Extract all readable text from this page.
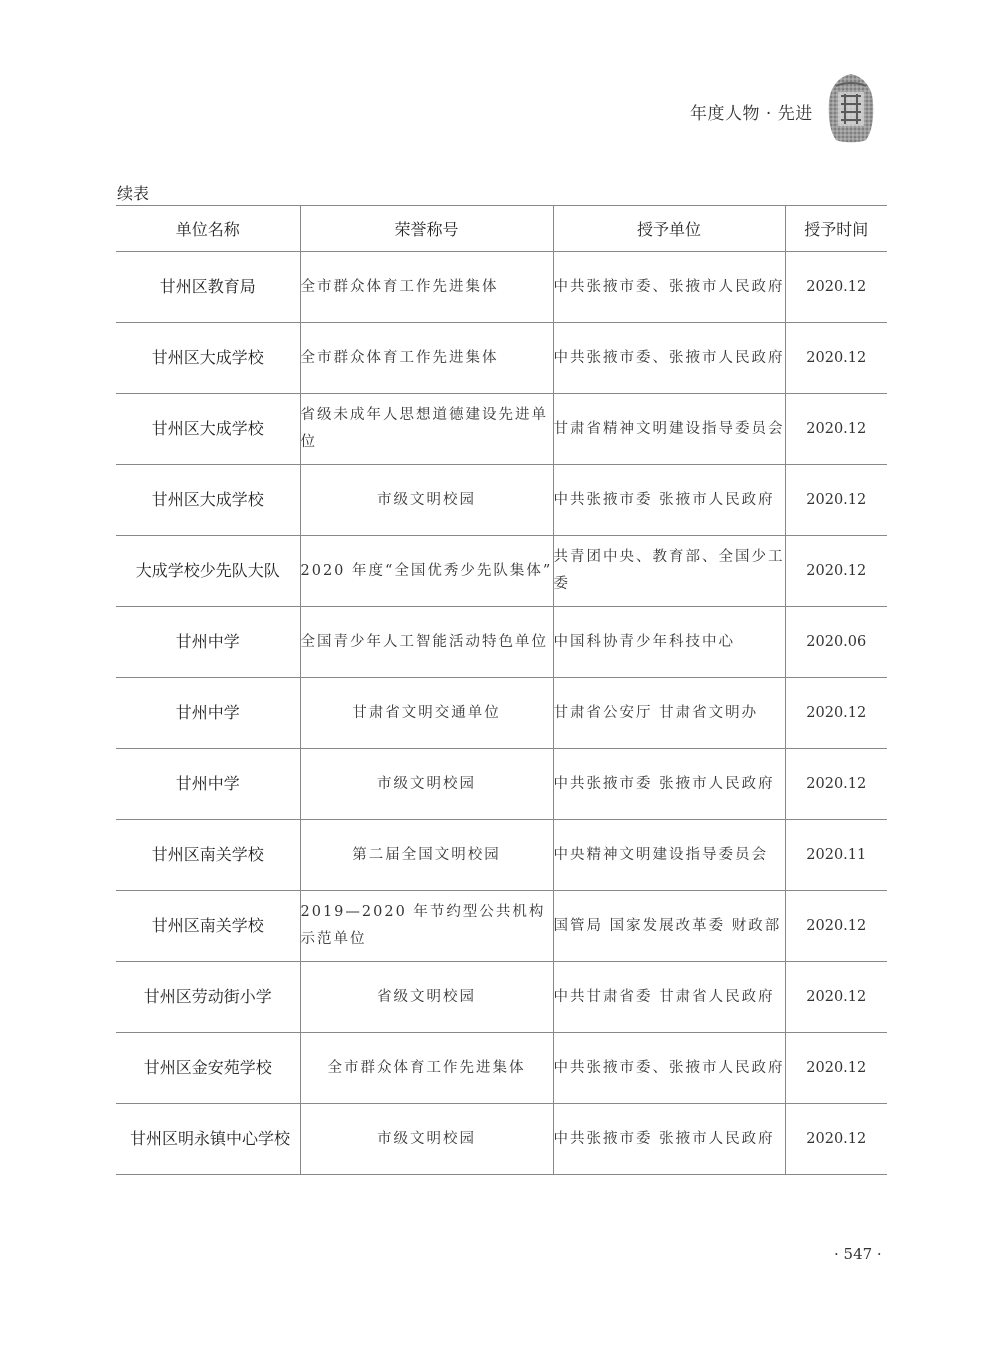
年度人物 · 先进
续表
单位名称	荣誉称号	授予单位	授予时间
甘州区教育局	全市群众体育工作先进集体	中共张掖市委、张掖市人民政府	2020.12
甘州区大成学校	全市群众体育工作先进集体	中共张掖市委、张掖市人民政府	2020.12
甘州区大成学校	省级未成年人思想道德建设先进单位	甘肃省精神文明建设指导委员会	2020.12
甘州区大成学校	市级文明校园	中共张掖市委 张掖市人民政府	2020.12
大成学校少先队大队	2020 年度“全国优秀少先队集体”	共青团中央、教育部、全国少工委	2020.12
甘州中学	全国青少年人工智能活动特色单位	中国科协青少年科技中心	2020.06
甘州中学	甘肃省文明交通单位	甘肃省公安厅 甘肃省文明办	2020.12
甘州中学	市级文明校园	中共张掖市委 张掖市人民政府	2020.12
甘州区南关学校	第二届全国文明校园	中央精神文明建设指导委员会	2020.11
甘州区南关学校	2019—2020 年节约型公共机构示范单位	国管局 国家发展改革委 财政部	2020.12
甘州区劳动街小学	省级文明校园	中共甘肃省委 甘肃省人民政府	2020.12
甘州区金安苑学校	全市群众体育工作先进集体	中共张掖市委、张掖市人民政府	2020.12
甘州区明永镇中心学校	市级文明校园	中共张掖市委 张掖市人民政府	2020.12
· 547 ·
